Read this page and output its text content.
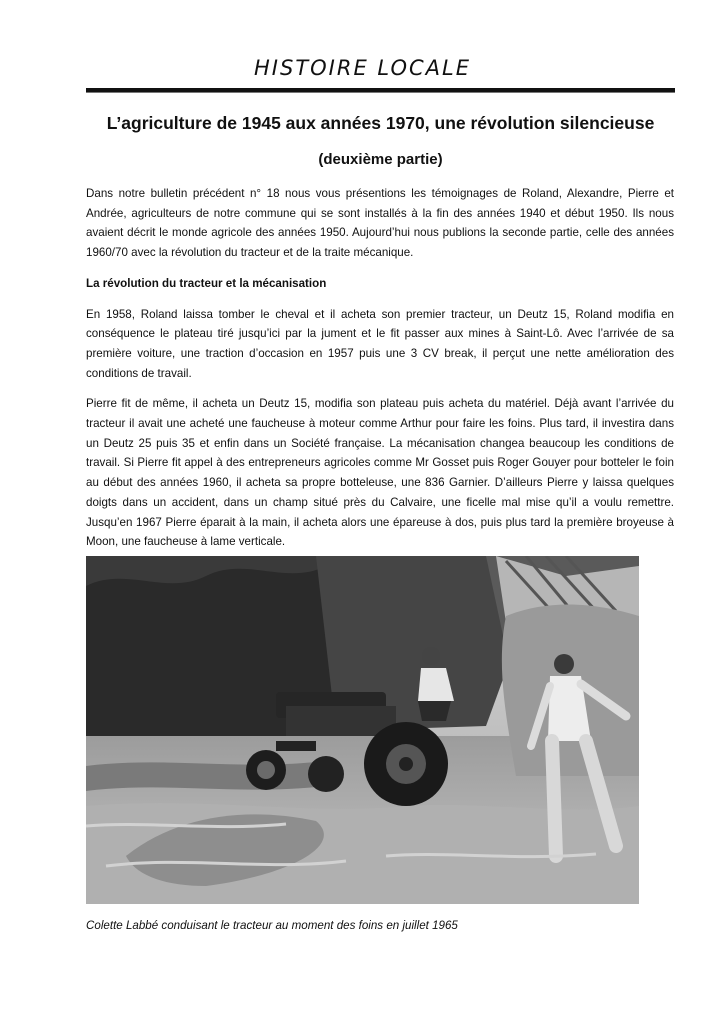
HISTOIRE LOCALE
L’agriculture de 1945 aux années 1970, une révolution silencieuse
(deuxième partie)

Dans notre bulletin précédent n° 18 nous vous présentions les témoignages de Roland, Alexandre, Pierre et Andrée, agriculteurs de notre commune qui se sont installés à la fin des années 1940 et début 1950. Ils nous avaient décrit le monde agricole des années 1950. Aujourd’hui nous publions la seconde partie, celle des années 1960/70 avec la révolution du tracteur et de la traite mécanique.

La révolution du tracteur et la mécanisation

En 1958, Roland laissa tomber le cheval et il acheta son premier tracteur, un Deutz 15, Roland modifia en conséquence le plateau tiré jusqu’ici par la jument et le fit passer aux mines à Saint-Lô. Avec l’arrivée de sa première voiture, une traction d’occasion en 1957 puis une 3 CV break, il perçut une nette amélioration des conditions de travail.

Pierre fit de même, il acheta un Deutz 15, modifia son plateau puis acheta du matériel. Déjà avant l’arrivée du tracteur il avait une acheté une faucheuse à moteur comme Arthur pour faire les foins. Plus tard, il investira dans un Deutz 25 puis 35 et enfin dans un Société française. La mécanisation changea beaucoup les conditions de travail. Si Pierre fit appel à des entrepreneurs agricoles comme Mr Gosset puis Roger Gouyer pour botteler le foin au début des années 1960, il acheta sa propre botteleuse, une 836 Garnier. D’ailleurs Pierre y laissa quelques doigts dans un accident, dans un champ situé près du Calvaire, une ficelle mal mise qu’il a voulu remettre. Jusqu’en 1967 Pierre éparait à la main, il acheta alors une épareuse à dos, puis plus tard la première broyeuse à Moon, une faucheuse à lame verticale.

Colette Labbé conduisant le tracteur au moment des foins en juillet 1965
